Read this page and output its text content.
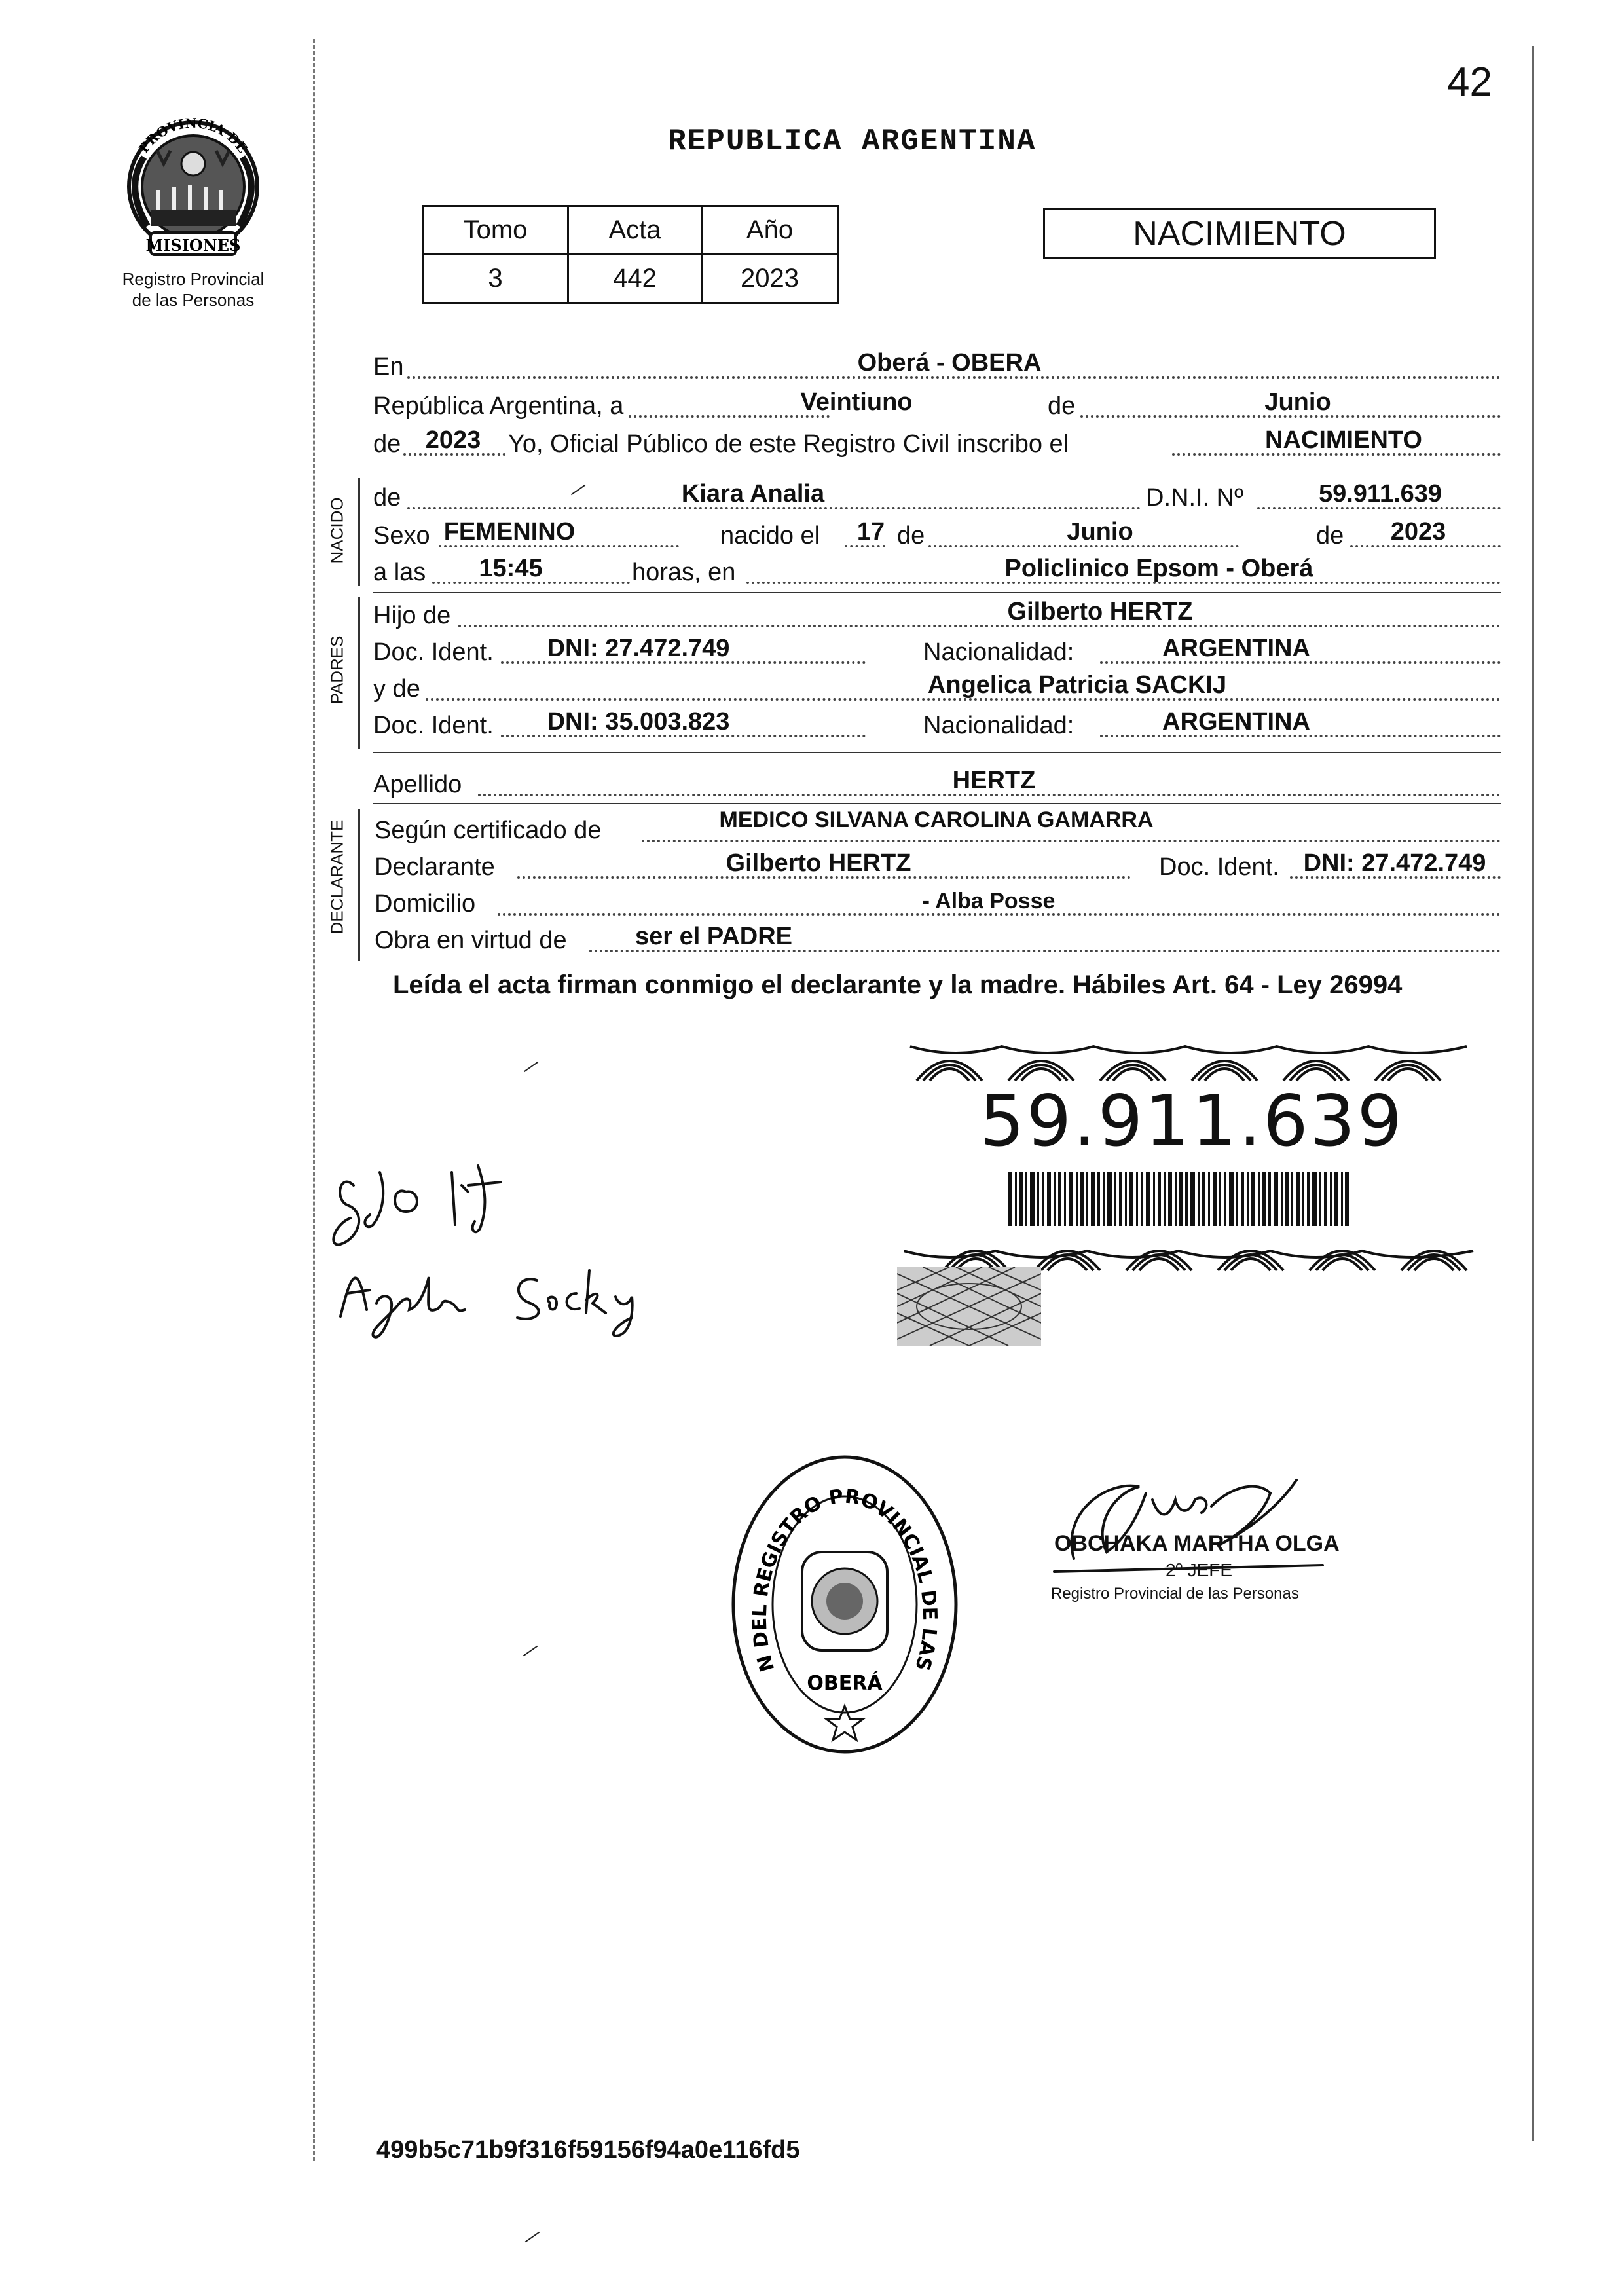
42
MISIONES
PROVINCIA DE
Registro Provincial
de las Personas
REPUBLICA ARGENTINA
Tomo	Acta	Año
3	442	2023
NACIMIENTO
En	Oberá - OBERA
República Argentina, a	Veintiuno	de	Junio
de 2023 Yo, Oficial Público de este Registro Civil inscribo el	NACIMIENTO
NACIDO de	Kiara Analia	D.N.I. Nº	59.911.639
Sexo FEMENINO	nacido el 17 de	Junio	de 2023
a las 15:45	horas, en	Policlinico Epsom - Oberá
PADRES
Hijo de	Gilberto HERTZ
Doc. Ident. DNI: 27.472.749	Nacionalidad:	ARGENTINA
y de	Angelica Patricia SACKIJ
Doc. Ident. DNI: 35.003.823	Nacionalidad:	ARGENTINA
Apellido	HERTZ
DECLARANTE Según certificado de	MEDICO SILVANA CAROLINA GAMARRA
Declarante	Gilberto HERTZ	Doc. Ident. DNI: 27.472.749
Domicilio	- Alba Posse
Obra en virtud de	ser el PADRE
Leída el acta firman conmigo el declarante y la madre. Hábiles Art. 64 - Ley 26994
59.911.639
N DEL REGISTRO PROVINCIAL DE LAS
OBERÁ
OBCHAKA MARTHA OLGA
2º JEFE
Registro Provincial de las Personas
499b5c71b9f316f59156f94a0e116fd5
